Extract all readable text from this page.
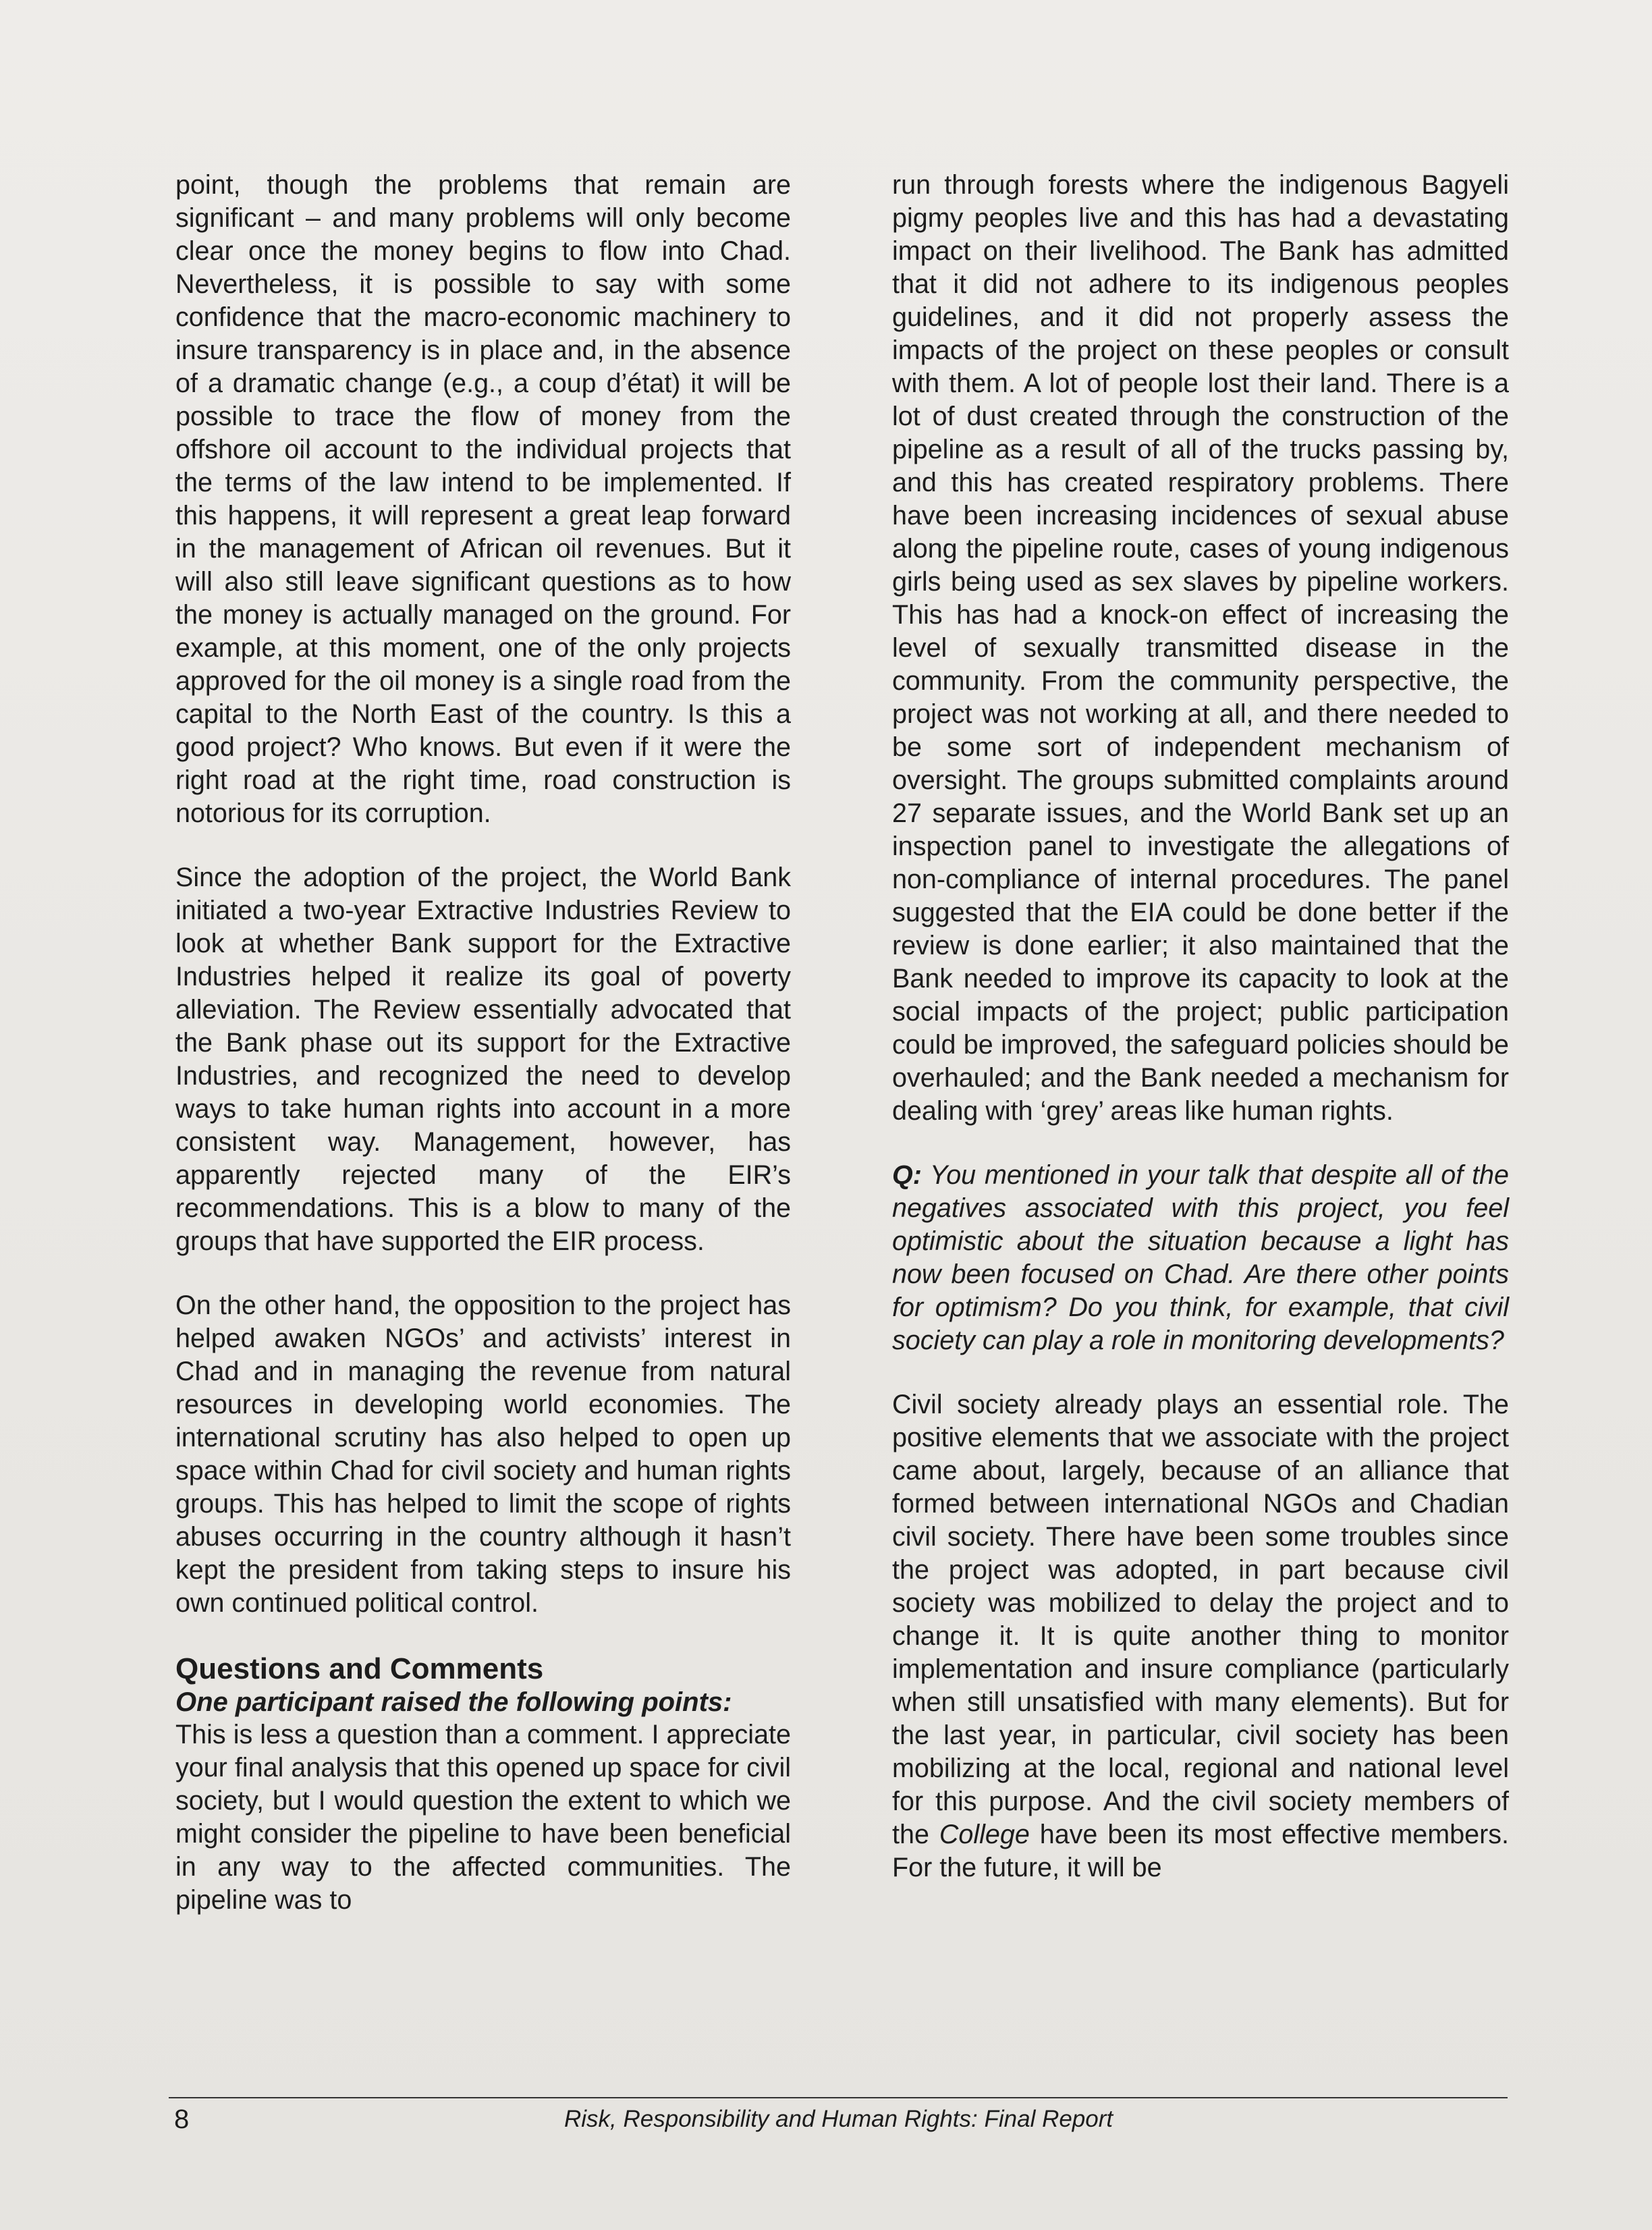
point, though the problems that remain are significant – and many problems will only become clear once the money begins to flow into Chad. Nevertheless, it is possible to say with some confidence that the macro-economic machinery to insure transparency is in place and, in the absence of a dramatic change (e.g., a coup d’état) it will be possible to trace the flow of money from the offshore oil account to the individual projects that the terms of the law intend to be implemented. If this happens, it will represent a great leap forward in the management of African oil revenues. But it will also still leave significant questions as to how the money is actually managed on the ground. For example, at this moment, one of the only projects approved for the oil money is a single road from the capital to the North East of the country. Is this a good project? Who knows. But even if it were the right road at the right time, road construction is notorious for its corruption.

Since the adoption of the project, the World Bank initiated a two-year Extractive Industries Review to look at whether Bank support for the Extractive Industries helped it realize its goal of poverty alleviation. The Review essentially advocated that the Bank phase out its support for the Extractive Industries, and recognized the need to develop ways to take human rights into account in a more consistent way. Management, however, has apparently rejected many of the EIR’s recommendations. This is a blow to many of the groups that have supported the EIR process.

On the other hand, the opposition to the project has helped awaken NGOs’ and activists’ interest in Chad and in managing the revenue from natural resources in developing world economies. The international scrutiny has also helped to open up space within Chad for civil society and human rights groups. This has helped to limit the scope of rights abuses occurring in the country although it hasn’t kept the president from taking steps to insure his own continued political control.

Questions and Comments
One participant raised the following points:

This is less a question than a comment. I appreciate your final analysis that this opened up space for civil society, but I would question the extent to which we might consider the pipeline to have been beneficial in any way to the affected communities. The pipeline was to

run through forests where the indigenous Bagyeli pigmy peoples live and this has had a devastating impact on their livelihood. The Bank has admitted that it did not adhere to its indigenous peoples guidelines, and it did not properly assess the impacts of the project on these peoples or consult with them. A lot of people lost their land. There is a lot of dust created through the construction of the pipeline as a result of all of the trucks passing by, and this has created respiratory problems. There have been increasing incidences of sexual abuse along the pipeline route, cases of young indigenous girls being used as sex slaves by pipeline workers. This has had a knock-on effect of increasing the level of sexually transmitted disease in the community. From the community perspective, the project was not working at all, and there needed to be some sort of independent mechanism of oversight. The groups submitted complaints around 27 separate issues, and the World Bank set up an inspection panel to investigate the allegations of non-compliance of internal procedures. The panel suggested that the EIA could be done better if the review is done earlier; it also maintained that the Bank needed to improve its capacity to look at the social impacts of the project; public participation could be improved, the safeguard policies should be overhauled; and the Bank needed a mechanism for dealing with ‘grey’ areas like human rights.

Q: You mentioned in your talk that despite all of the negatives associated with this project, you feel optimistic about the situation because a light has now been focused on Chad. Are there other points for optimism? Do you think, for example, that civil society can play a role in monitoring developments?

Civil society already plays an essential role. The positive elements that we associate with the project came about, largely, because of an alliance that formed between international NGOs and Chadian civil society. There have been some troubles since the project was adopted, in part because civil society was mobilized to delay the project and to change it. It is quite another thing to monitor implementation and insure compliance (particularly when still unsatisfied with many elements). But for the last year, in particular, civil society has been mobilizing at the local, regional and national level for this purpose. And the civil society members of the College have been its most effective members. For the future, it will be

8	Risk, Responsibility and Human Rights: Final Report
